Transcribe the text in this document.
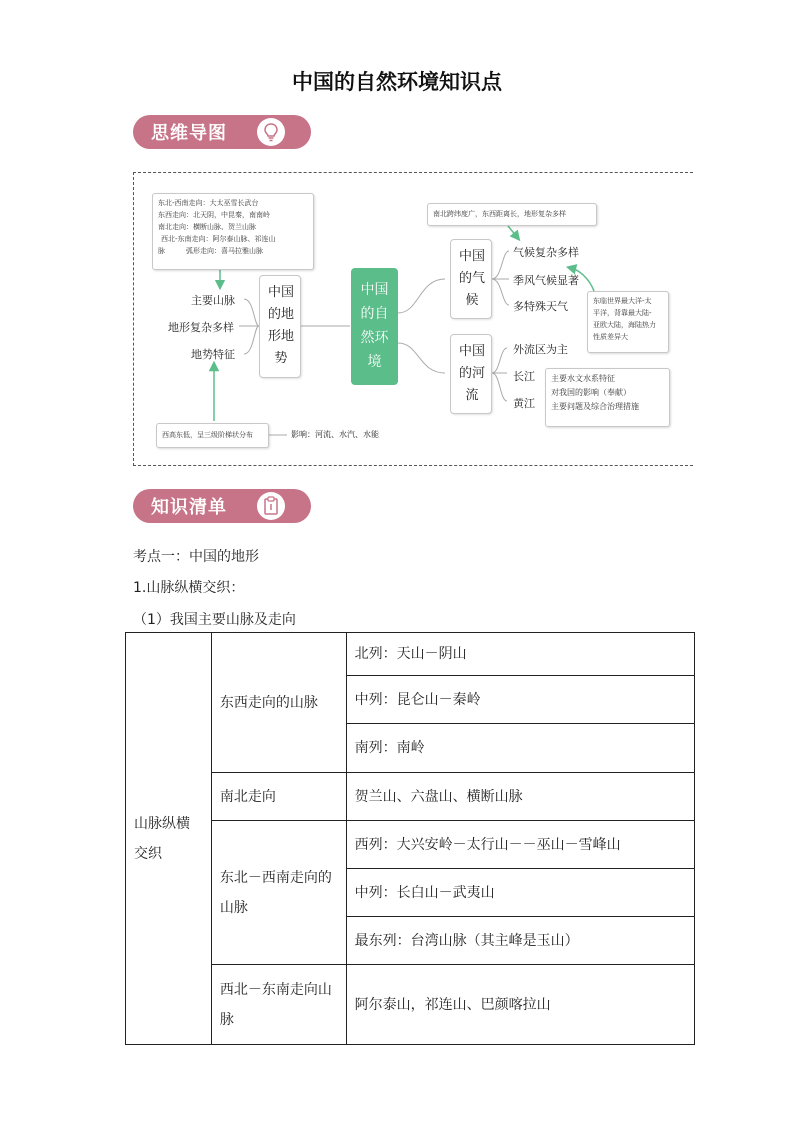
中国的自然环境知识点
思维导图
东北-西南走向：大太巫雪长武台
东西走向：北天阴，中昆秦，南南岭
南北走向：横断山脉、贺兰山脉
西北-东南走向：阿尔泰山脉、祁连山
脉　　　弧形走向：喜马拉雅山脉
主要山脉
地形复杂多样
地势特征
中国
的地
形地
势
西高东低，呈三级阶梯状分布	影响：河流、水汽、水能
中国
的自
然环
境
南北跨纬度广，东西距离长，地形复杂多样
中国
的气
候
气候复杂多样
季风气候显著
多特殊天气	东临世界最大洋-太
平洋，背靠最大陆-
亚欧大陆，海陆热力
性质差异大
中国
的河
流
外流区为主
长江
黄江
主要水文水系特征
对我国的影响（奉献）
主要问题及综合治理措施
知识清单
考点一：中国的地形
1.山脉纵横交织：
（1）我国主要山脉及走向
山脉纵横交织	东西走向的山脉	北列：天山－阴山
		中列：昆仑山－秦岭
		南列：南岭
	南北走向	贺兰山、六盘山、横断山脉
	东北－西南走向的山脉	西列：大兴安岭－太行山－－巫山－雪峰山
		中列：长白山－武夷山
		最东列：台湾山脉（其主峰是玉山）
	西北－东南走向山脉	阿尔泰山，祁连山、巴颜喀拉山
